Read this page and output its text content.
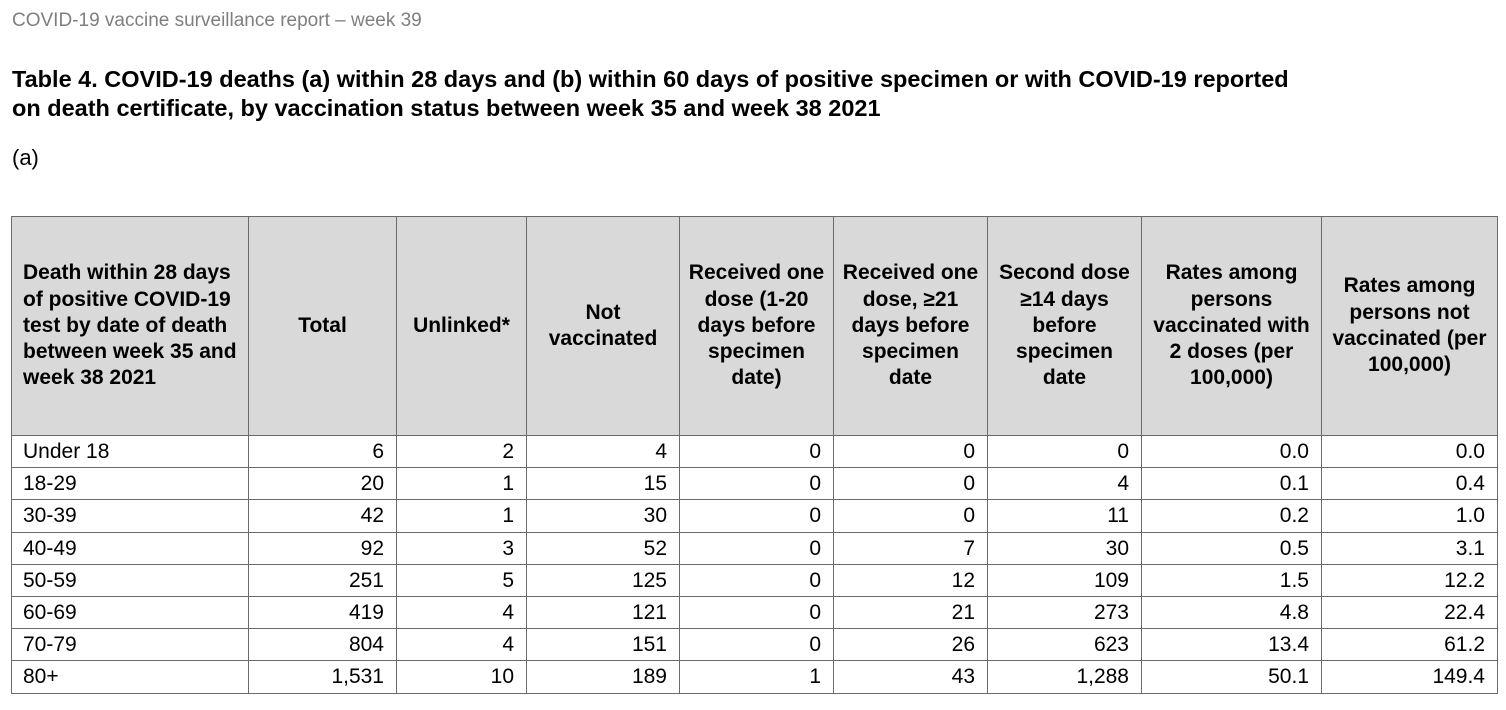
COVID-19 vaccine surveillance report – week 39
Table 4. COVID-19 deaths (a) within 28 days and (b) within 60 days of positive specimen or with COVID-19 reported
on death certificate, by vaccination status between week 35 and week 38 2021
(a)
Death within 28 days of positive COVID-19 test by date of death between week 35 and week 38 2021	Total	Unlinked*	Not vaccinated	Received one dose (1-20 days before specimen date)	Received one dose, ≥21 days before specimen date	Second dose ≥14 days before specimen date	Rates among persons vaccinated with 2 doses (per 100,000)	Rates among persons not vaccinated (per 100,000)
Under 18	6	2	4	0	0	0	0.0	0.0
18-29	20	1	15	0	0	4	0.1	0.4
30-39	42	1	30	0	0	11	0.2	1.0
40-49	92	3	52	0	7	30	0.5	3.1
50-59	251	5	125	0	12	109	1.5	12.2
60-69	419	4	121	0	21	273	4.8	22.4
70-79	804	4	151	0	26	623	13.4	61.2
80+	1,531	10	189	1	43	1,288	50.1	149.4
